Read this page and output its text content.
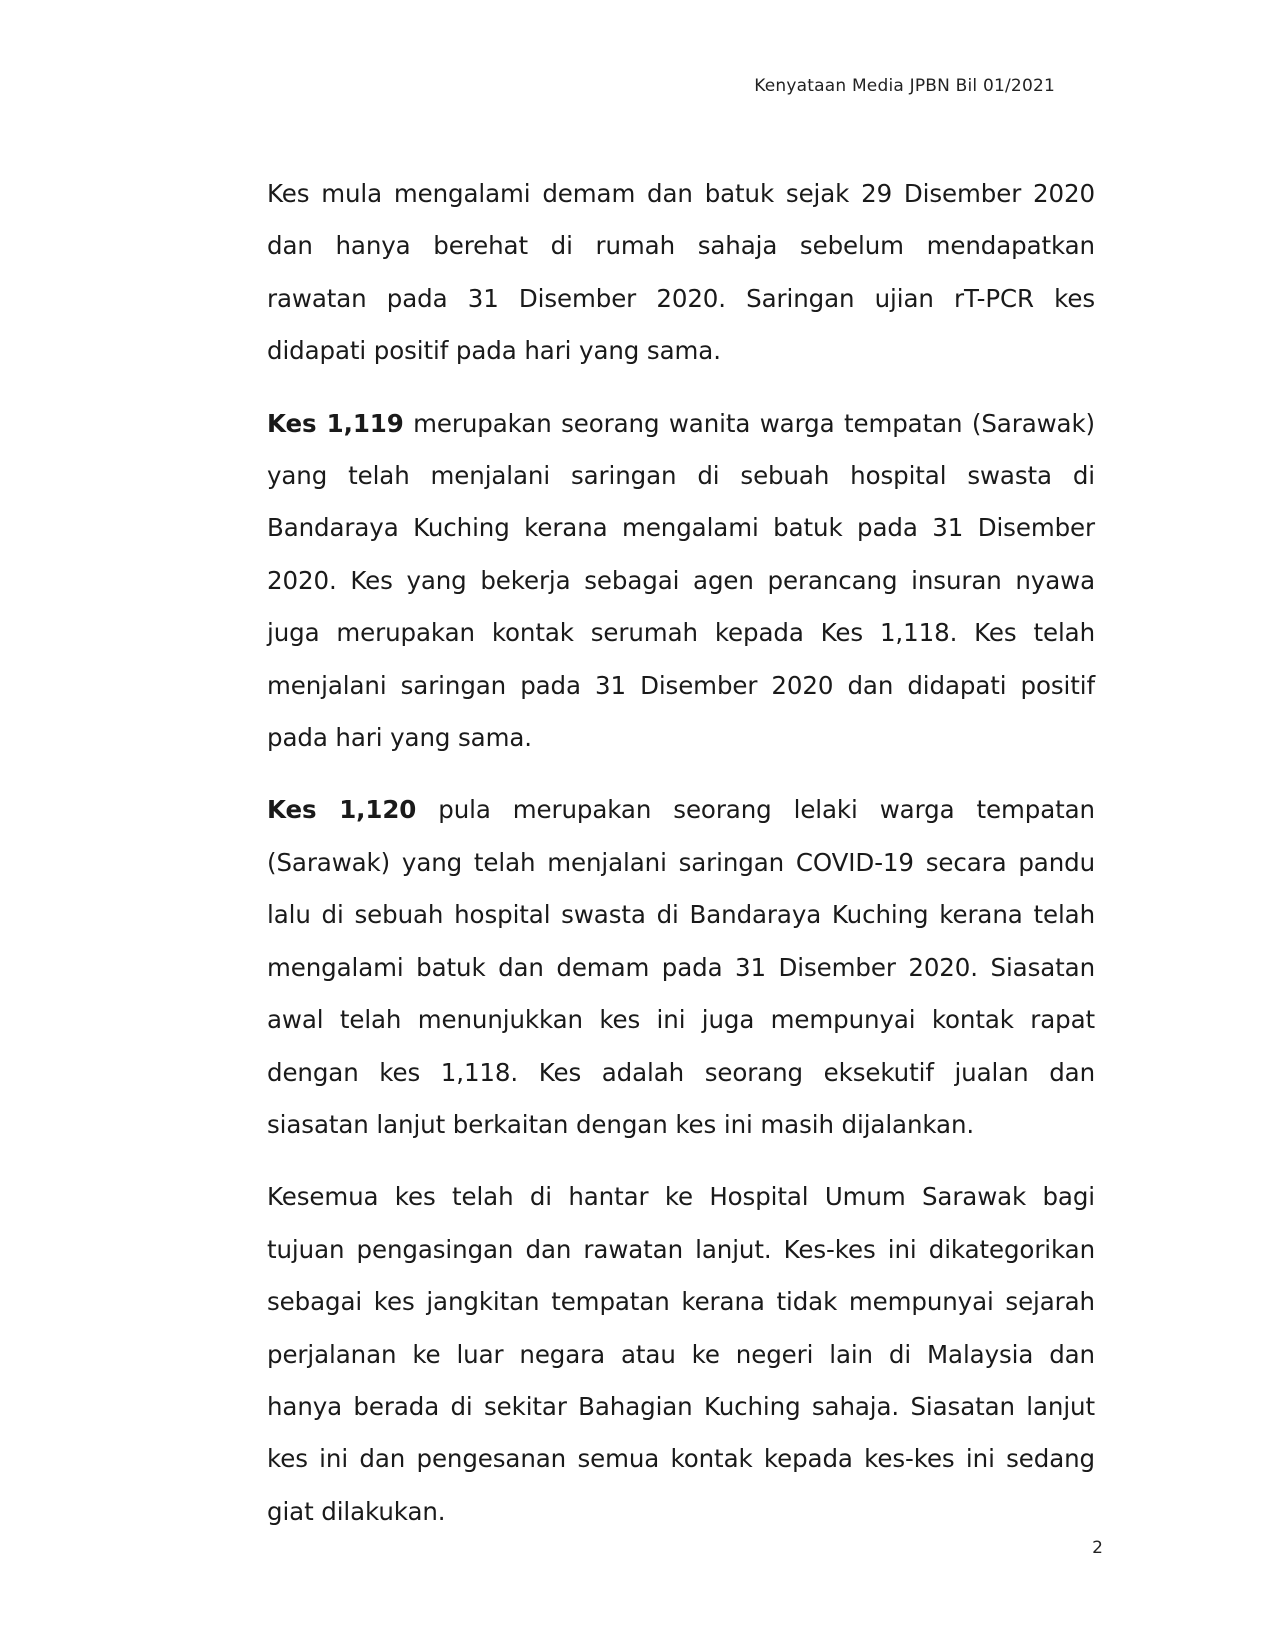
Kenyataan Media JPBN Bil 01/2021

Kes mula mengalami demam dan batuk sejak 29 Disember 2020 dan hanya berehat di rumah sahaja sebelum mendapatkan rawatan pada 31 Disember 2020. Saringan ujian rT-PCR kes didapati positif pada hari yang sama.

Kes 1,119 merupakan seorang wanita warga tempatan (Sarawak) yang telah menjalani saringan di sebuah hospital swasta di Bandaraya Kuching kerana mengalami batuk pada 31 Disember 2020. Kes yang bekerja sebagai agen perancang insuran nyawa juga merupakan kontak serumah kepada Kes 1,118. Kes telah menjalani saringan pada 31 Disember 2020 dan didapati positif pada hari yang sama.

Kes 1,120 pula merupakan seorang lelaki warga tempatan (Sarawak) yang telah menjalani saringan COVID-19 secara pandu lalu di sebuah hospital swasta di Bandaraya Kuching kerana telah mengalami batuk dan demam pada 31 Disember 2020. Siasatan awal telah menunjukkan kes ini juga mempunyai kontak rapat dengan kes 1,118. Kes adalah seorang eksekutif jualan dan siasatan lanjut berkaitan dengan kes ini masih dijalankan.

Kesemua kes telah di hantar ke Hospital Umum Sarawak bagi tujuan pengasingan dan rawatan lanjut. Kes-kes ini dikategorikan sebagai kes jangkitan tempatan kerana tidak mempunyai sejarah perjalanan ke luar negara atau ke negeri lain di Malaysia dan hanya berada di sekitar Bahagian Kuching sahaja. Siasatan lanjut kes ini dan pengesanan semua kontak kepada kes-kes ini sedang giat dilakukan.

2
